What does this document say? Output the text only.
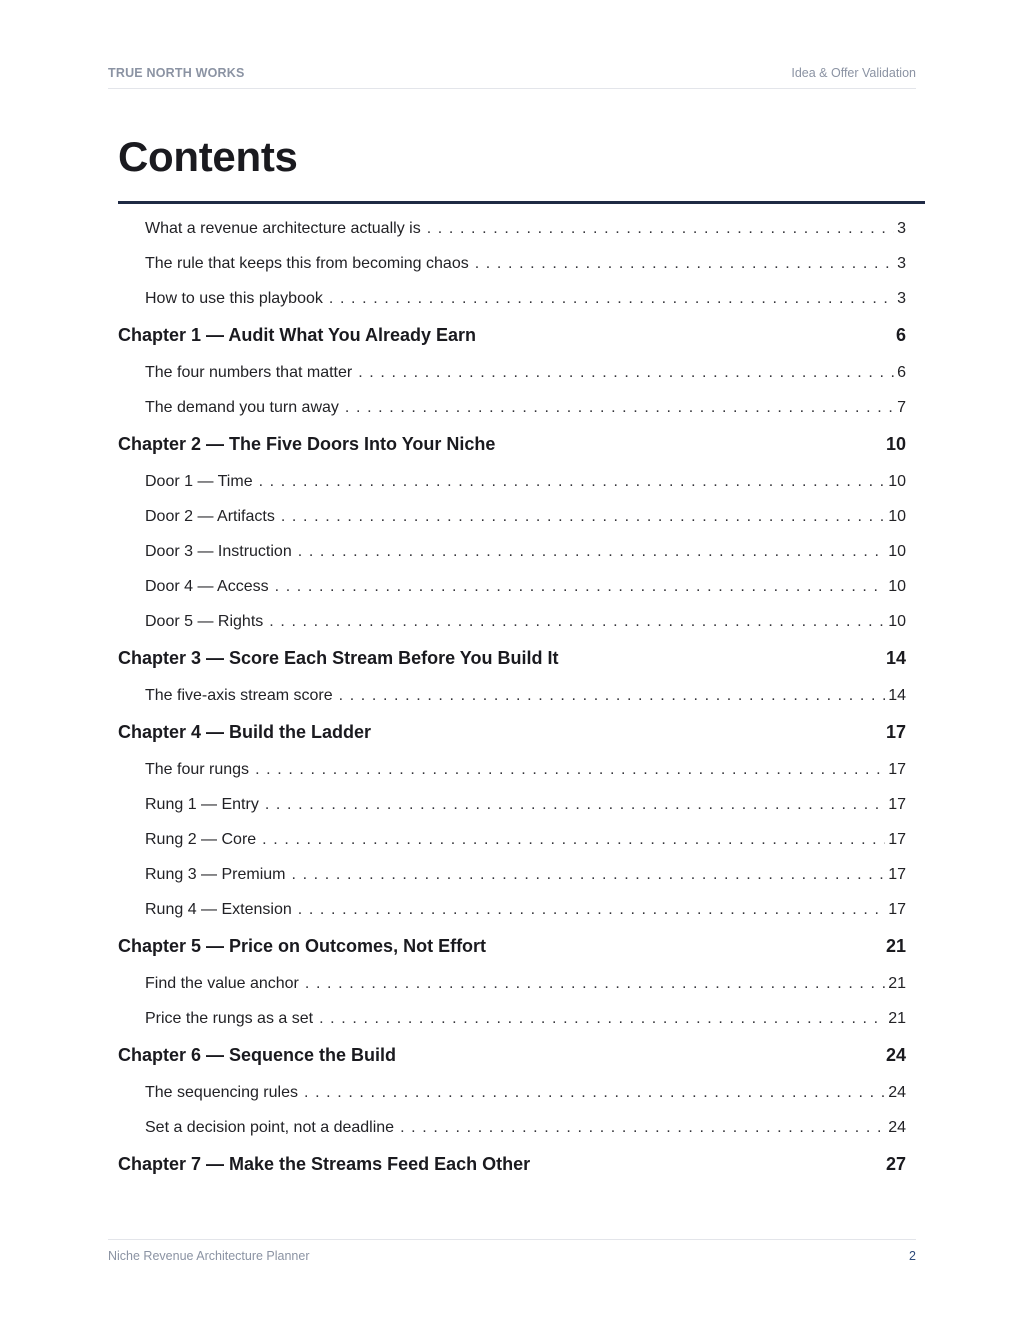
TRUE NORTH WORKS	Idea & Offer Validation
Contents
What a revenue architecture actually is . . .	3
The rule that keeps this from becoming chaos . . .	3
How to use this playbook . . .	3
Chapter 1 — Audit What You Already Earn	6
The four numbers that matter . . .	6
The demand you turn away . . .	7
Chapter 2 — The Five Doors Into Your Niche	10
Door 1 — Time . . .	10
Door 2 — Artifacts . . .	10
Door 3 — Instruction . . .	10
Door 4 — Access . . .	10
Door 5 — Rights . . .	10
Chapter 3 — Score Each Stream Before You Build It	14
The five-axis stream score . . .	14
Chapter 4 — Build the Ladder	17
The four rungs . . .	17
Rung 1 — Entry . . .	17
Rung 2 — Core . . .	17
Rung 3 — Premium . . .	17
Rung 4 — Extension . . .	17
Chapter 5 — Price on Outcomes, Not Effort	21
Find the value anchor . . .	21
Price the rungs as a set . . .	21
Chapter 6 — Sequence the Build	24
The sequencing rules . . .	24
Set a decision point, not a deadline . . .	24
Chapter 7 — Make the Streams Feed Each Other	27
Niche Revenue Architecture Planner	2
